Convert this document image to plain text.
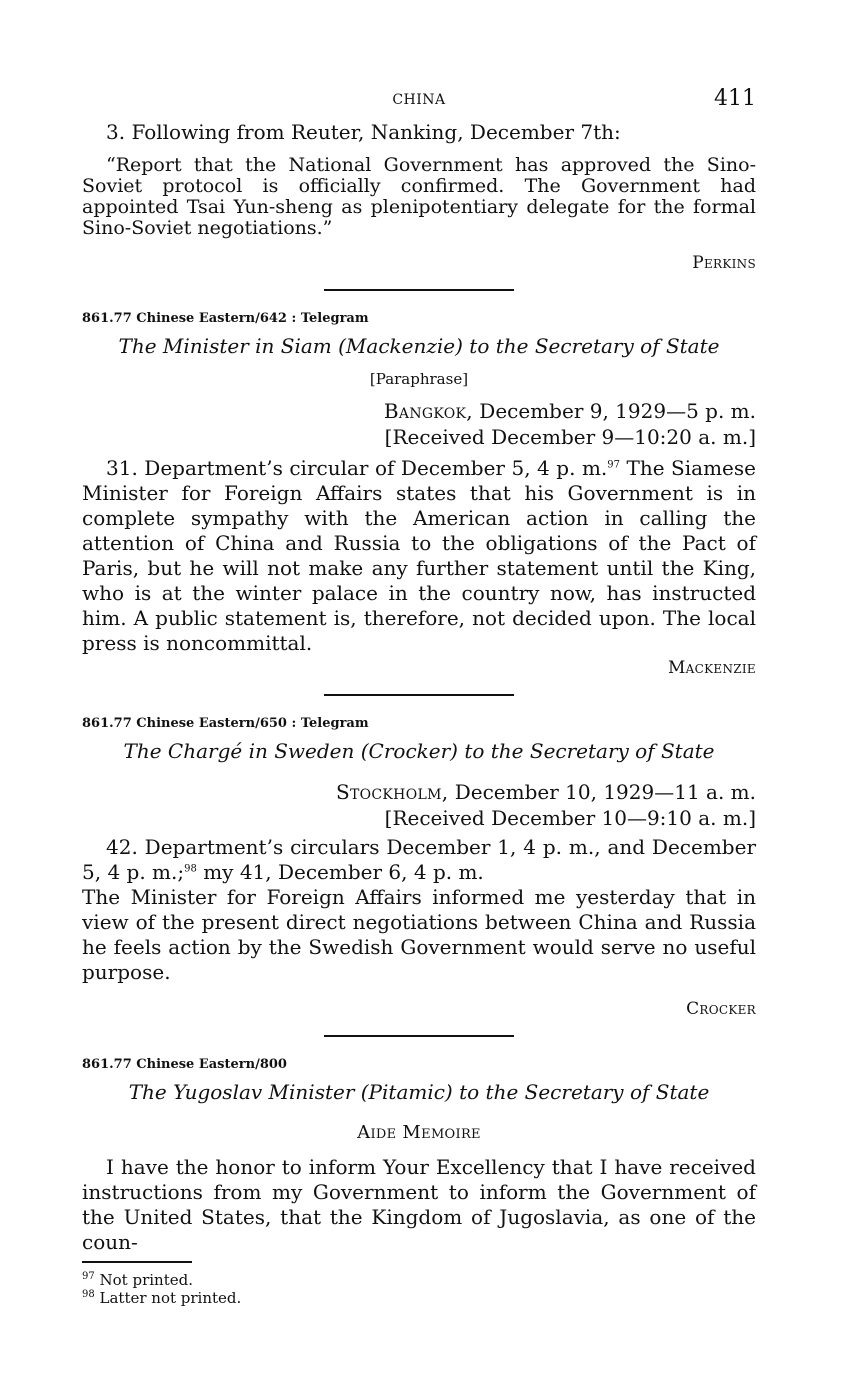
CHINA	411

3. Following from Reuter, Nanking, December 7th:

“Report that the National Government has approved the Sino-Soviet protocol is officially confirmed. The Government had appointed Tsai Yun-sheng as plenipotentiary delegate for the formal Sino-Soviet negotiations.”

Perkins
861.77 Chinese Eastern/642 : Telegram
The Minister in Siam (Mackenzie) to the Secretary of State
[Paraphrase]
Bangkok, December 9, 1929—5 p. m.
[Received December 9—10:20 a. m.]

31. Department’s circular of December 5, 4 p. m.$^{97}$ The Siamese Minister for Foreign Affairs states that his Government is in complete sympathy with the American action in calling the attention of China and Russia to the obligations of the Pact of Paris, but he will not make any further statement until the King, who is at the winter palace in the country now, has instructed him. A public statement is, therefore, not decided upon. The local press is noncommittal.

Mackenzie
861.77 Chinese Eastern/650 : Telegram
The Chargé in Sweden (Crocker) to the Secretary of State
Stockholm, December 10, 1929—11 a. m.
[Received December 10—9:10 a. m.]

42. Department’s circulars December 1, 4 p. m., and December 5, 4 p. m.;$^{98}$ my 41, December 6, 4 p. m.

The Minister for Foreign Affairs informed me yesterday that in view of the present direct negotiations between China and Russia he feels action by the Swedish Government would serve no useful purpose.

Crocker
861.77 Chinese Eastern/800
The Yugoslav Minister (Pitamic) to the Secretary of State
Aide Memoire

I have the honor to inform Your Excellency that I have received instructions from my Government to inform the Government of the United States, that the Kingdom of Jugoslavia, as one of the coun-

$^{97}$ Not printed.
$^{98}$ Latter not printed.
